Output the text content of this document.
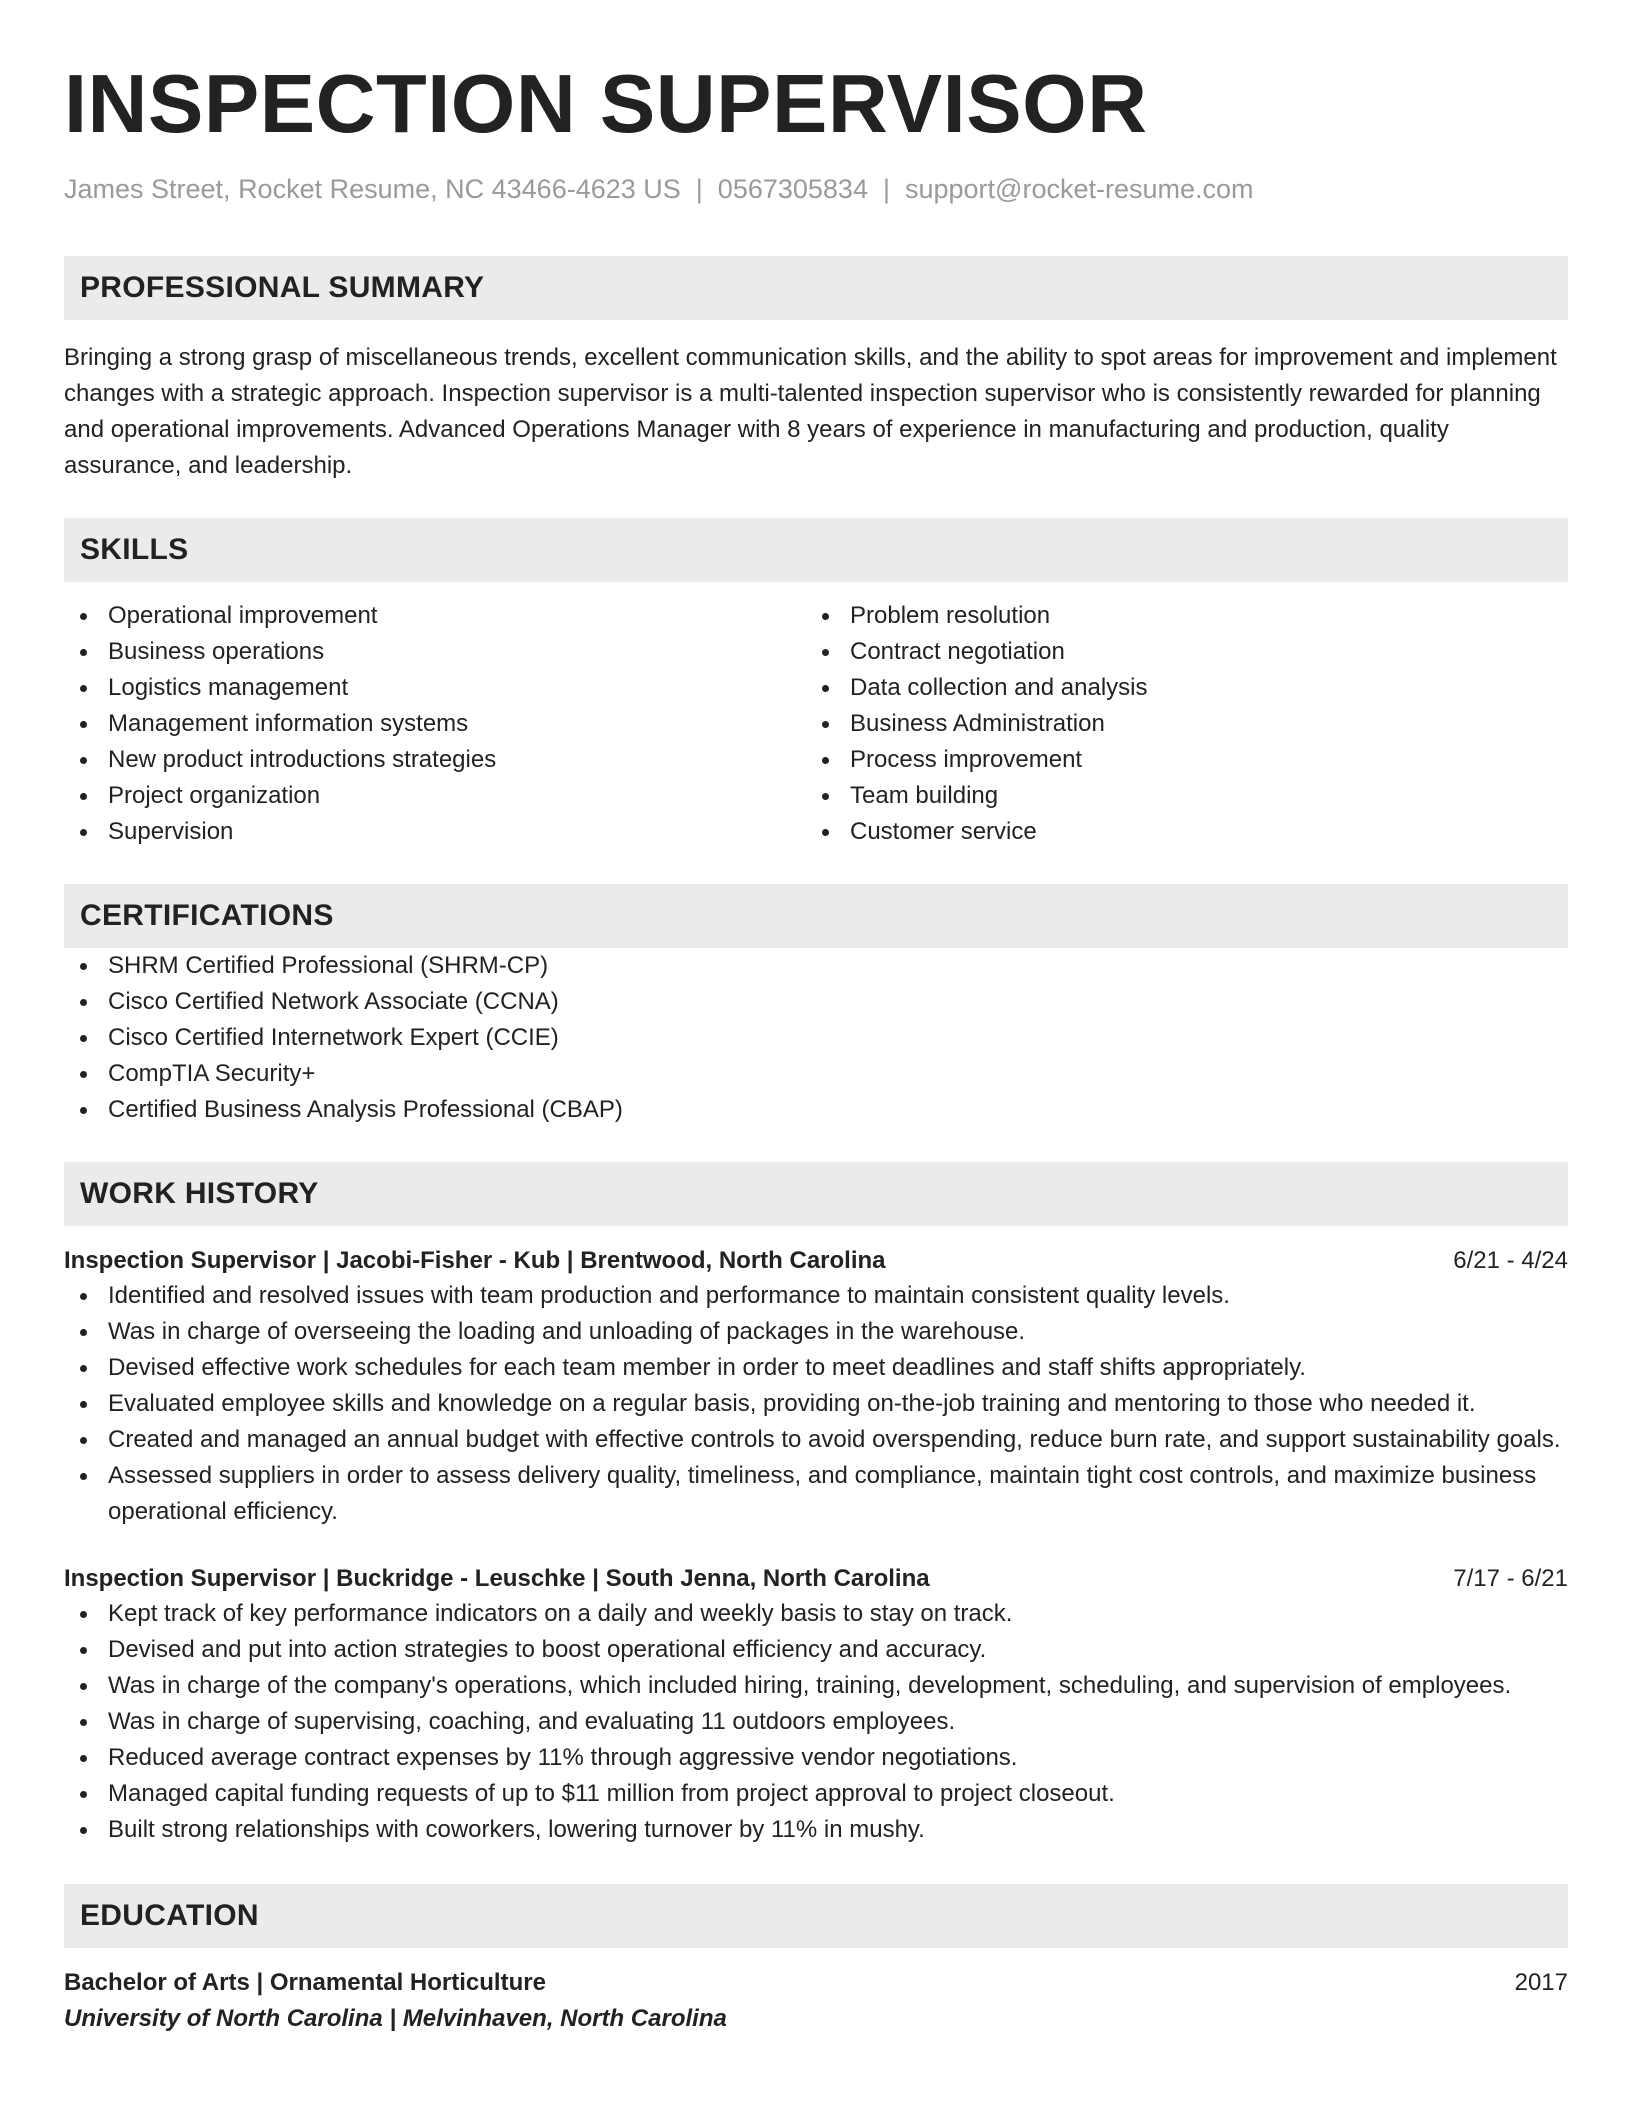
INSPECTION SUPERVISOR
James Street, Rocket Resume, NC 43466-4623 US | 0567305834 | support@rocket-resume.com
PROFESSIONAL SUMMARY

Bringing a strong grasp of miscellaneous trends, excellent communication skills, and the ability to spot areas for improvement and implement changes with a strategic approach. Inspection supervisor is a multi-talented inspection supervisor who is consistently rewarded for planning and operational improvements. Advanced Operations Manager with 8 years of experience in manufacturing and production, quality assurance, and leadership.

SKILLS
Operational improvement
Business operations
Logistics management
Management information systems
New product introductions strategies
Project organization
Supervision
Problem resolution
Contract negotiation
Data collection and analysis
Business Administration
Process improvement
Team building
Customer service
CERTIFICATIONS
SHRM Certified Professional (SHRM-CP)
Cisco Certified Network Associate (CCNA)
Cisco Certified Internetwork Expert (CCIE)
CompTIA Security+
Certified Business Analysis Professional (CBAP)
WORK HISTORY
Inspection Supervisor | Jacobi-Fisher - Kub | Brentwood, North Carolina	6/21 - 4/24
Identified and resolved issues with team production and performance to maintain consistent quality levels.
Was in charge of overseeing the loading and unloading of packages in the warehouse.
Devised effective work schedules for each team member in order to meet deadlines and staff shifts appropriately.
Evaluated employee skills and knowledge on a regular basis, providing on-the-job training and mentoring to those who needed it.
Created and managed an annual budget with effective controls to avoid overspending, reduce burn rate, and support sustainability goals.
Assessed suppliers in order to assess delivery quality, timeliness, and compliance, maintain tight cost controls, and maximize business operational efficiency.
Inspection Supervisor | Buckridge - Leuschke | South Jenna, North Carolina	7/17 - 6/21
Kept track of key performance indicators on a daily and weekly basis to stay on track.
Devised and put into action strategies to boost operational efficiency and accuracy.
Was in charge of the company's operations, which included hiring, training, development, scheduling, and supervision of employees.
Was in charge of supervising, coaching, and evaluating 11 outdoors employees.
Reduced average contract expenses by 11% through aggressive vendor negotiations.
Managed capital funding requests of up to $11 million from project approval to project closeout.
Built strong relationships with coworkers, lowering turnover by 11% in mushy.
EDUCATION
Bachelor of Arts | Ornamental Horticulture	2017
University of North Carolina | Melvinhaven, North Carolina
